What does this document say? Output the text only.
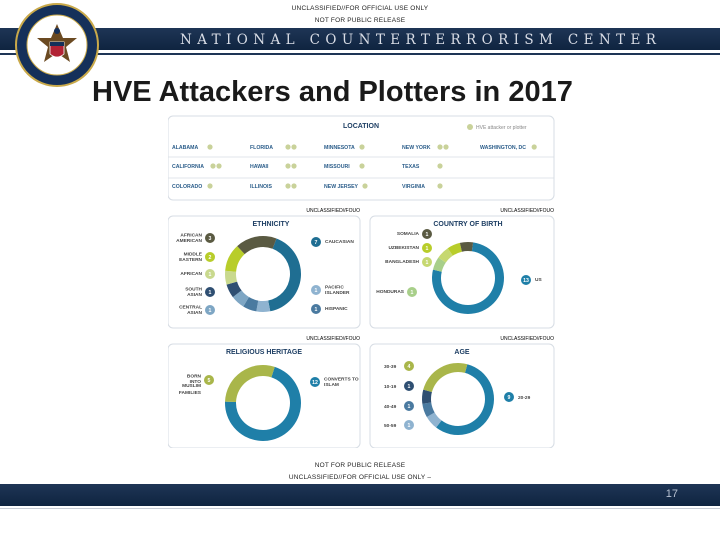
UNCLASSIFIED//FOR OFFICIAL USE ONLY
NOT FOR PUBLIC RELEASE
NATIONAL COUNTERTERRORISM CENTER
HVE Attackers and Plotters in 2017
LOCATION	HVE attacker or plotter
ALABAMA	FLORIDA	MINNESOTA	NEW YORK	WASHINGTON, DC
CALIFORNIA	HAWAII	MISSOURI	TEXAS
COLORADO	ILLINOIS	NEW JERSEY	VIRGINIA
UNCLASSIFIED//FOUO
ETHNICITY
AFRICAN AMERICAN 3
MIDDLE EASTERN 2
AFRICAN 1
SOUTH ASIAN 1
CENTRAL ASIAN 1
7 CAUCASIAN
1 PACIFIC ISLANDER
1 HISPANIC
COUNTRY OF BIRTH
SOMALIA 1
UZBEKISTAN 1
BANGLADESH 1
HONDURAS 1
13 US
UNCLASSIFIED//FOUO
UNCLASSIFIED//FOUO
UNCLASSIFIED//FOUO
RELIGIOUS HERITAGE
BORN INTO
MUSLIM
FAMILIES
5	12 CONVERTS TO ISLAM
AGE
30-39 4
10-19 1
40-49 1
50-59 1
9 20-29
NOT FOR PUBLIC RELEASE
UNCLASSIFIED//FOR OFFICIAL USE ONLY –
17
